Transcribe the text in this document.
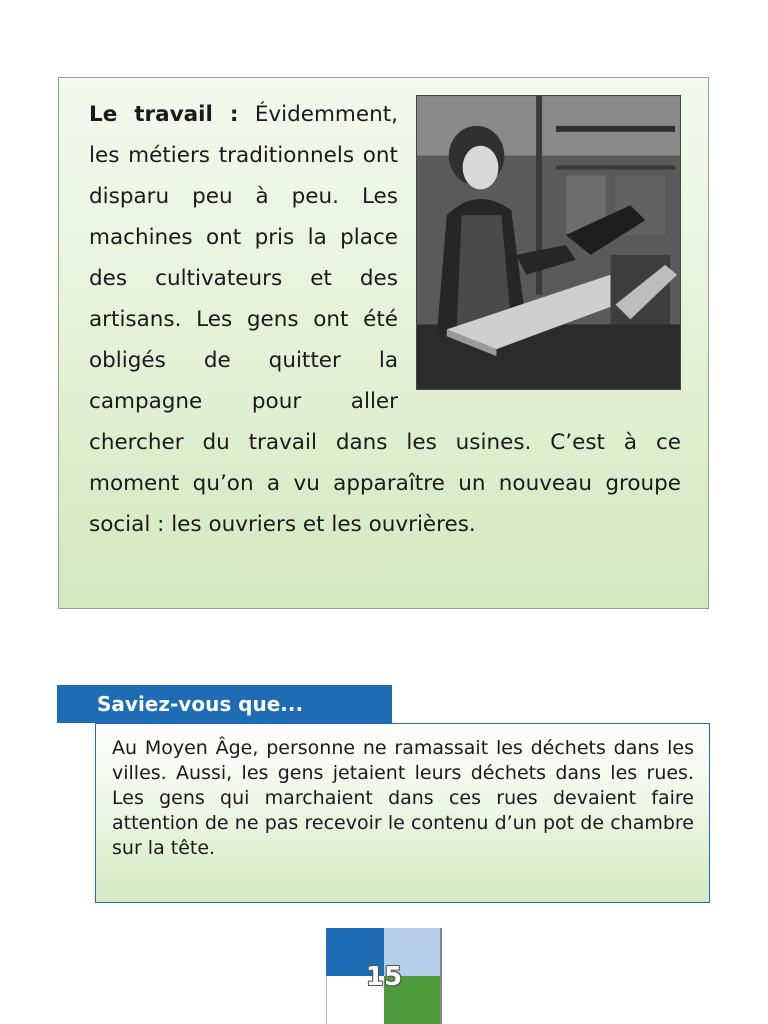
Le travail : Évidemment, les métiers traditionnels ont disparu peu à peu. Les machines ont pris la place des cultivateurs et des artisans. Les gens ont été obligés de quitter la campagne pour aller chercher du travail dans les usines. C’est à ce moment qu’on a vu apparaître un nouveau groupe social : les ouvriers et les ouvrières.

Saviez-vous que...

Au Moyen Âge, personne ne ramassait les déchets dans les villes. Aussi, les gens jetaient leurs déchets dans les rues. Les gens qui marchaient dans ces rues devaient faire attention de ne pas recevoir le contenu d’un pot de chambre sur la tête.

15
